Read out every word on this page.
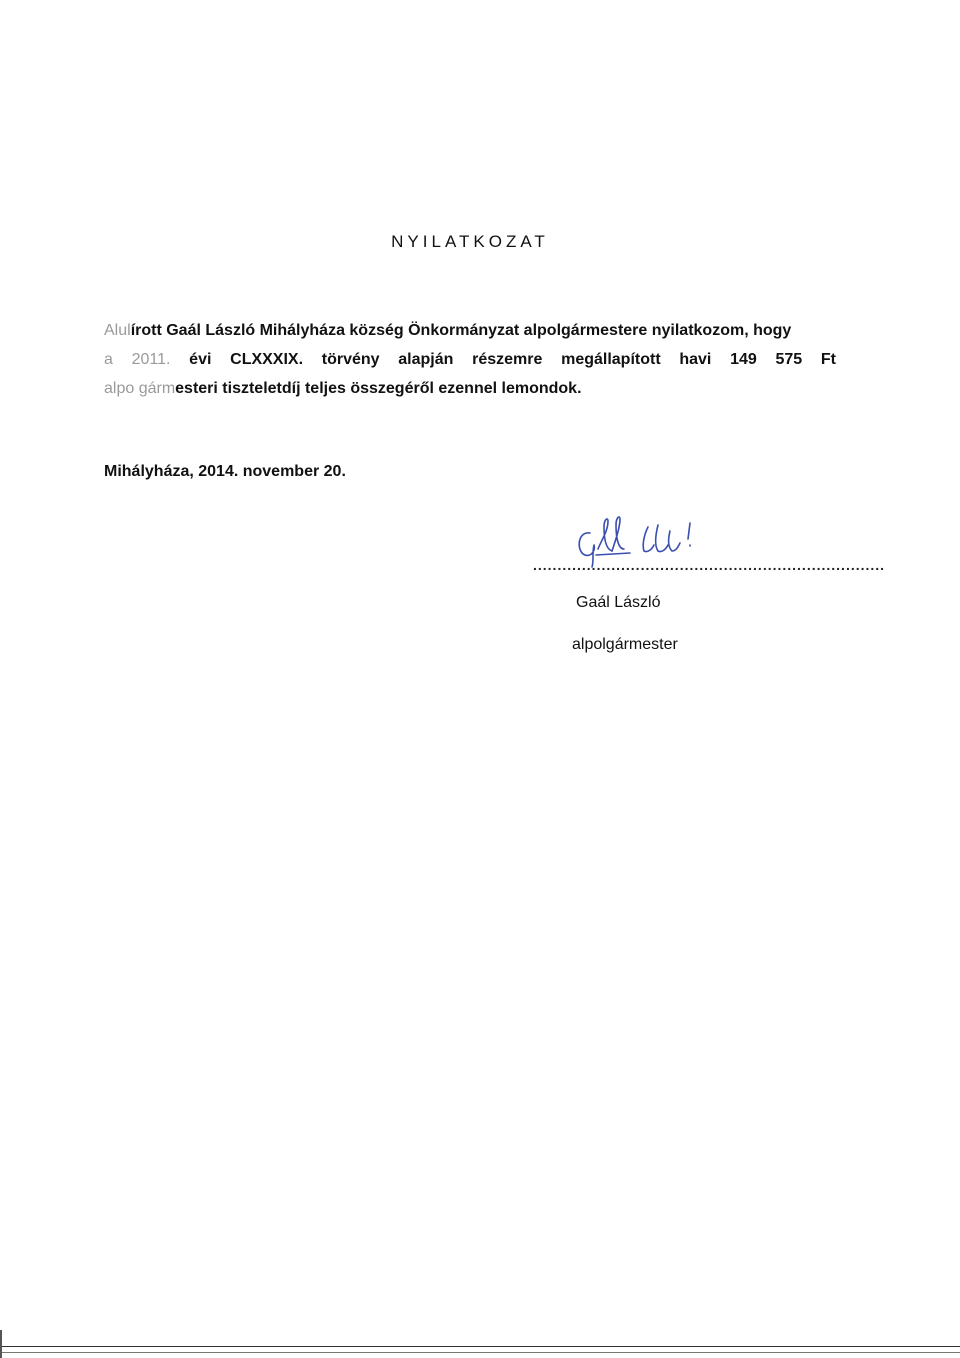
NYILATKOZAT
Alulírott Gaál László Mihályháza község Önkormányzat alpolgármestere nyilatkozom, hogy
a 2011. évi CLXXXIX. törvény alapján részemre megállapított havi 149 575 Ft
alpo gármesteri tiszteletdíj teljes összegéről ezennel lemondok.
Mihályháza, 2014. november 20.
........................................................................
Gaál László
alpolgármester
